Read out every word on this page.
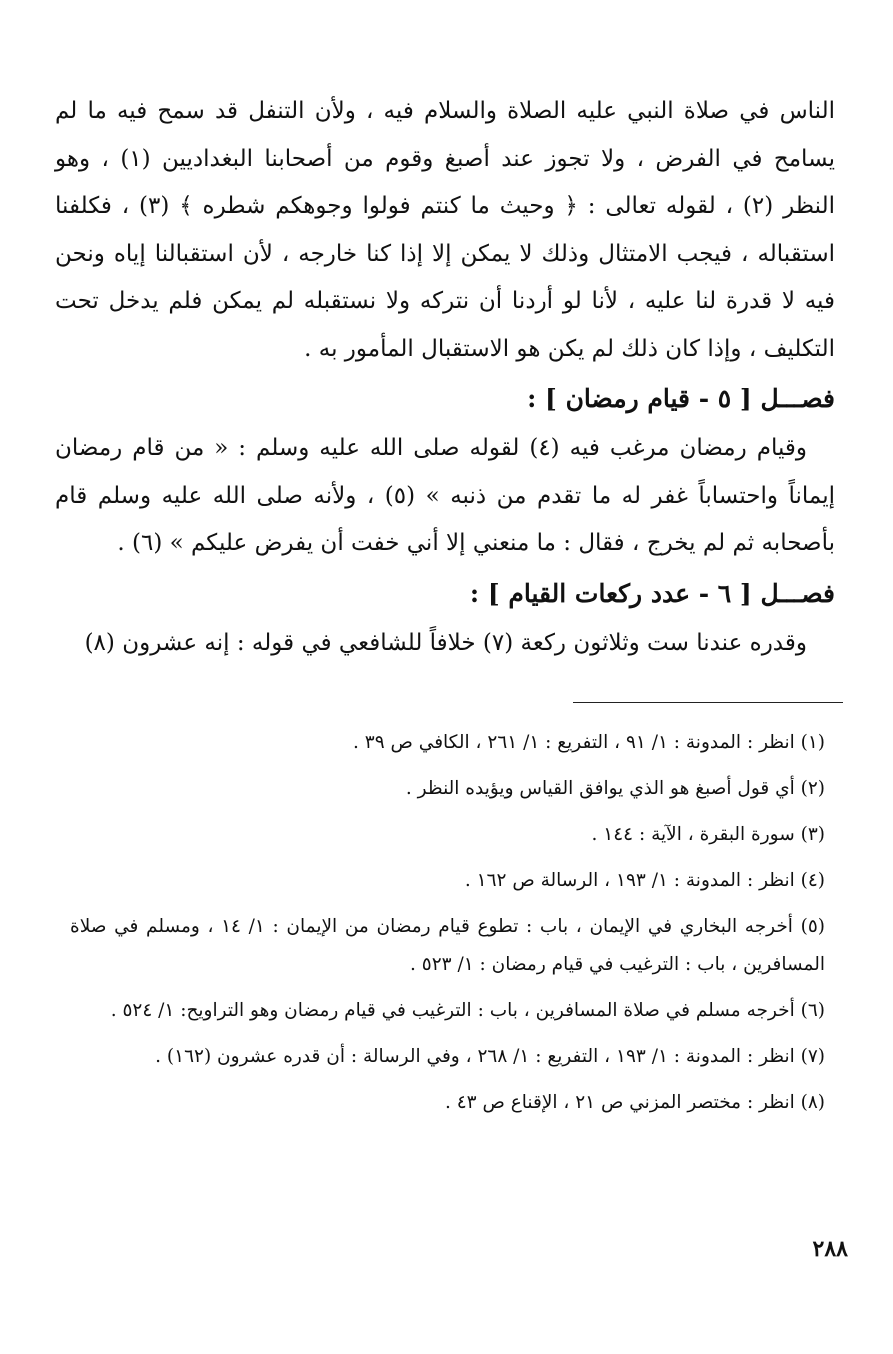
الناس في صلاة النبي عليه الصلاة والسلام فيه ، ولأن التنفل قد سمح فيه ما لم يسامح في الفرض ، ولا تجوز عند أصبغ وقوم من أصحابنا البغداديين (١) ، وهو النظر (٢) ، لقوله تعالى : ﴿ وحيث ما كنتم فولوا وجوهكم شطره ﴾ (٣) ، فكلفنا استقباله ، فيجب الامتثال وذلك لا يمكن إلا إذا كنا خارجه ، لأن استقبالنا إياه ونحن فيه لا قدرة لنا عليه ، لأنا لو أردنا أن نتركه ولا نستقبله لم يمكن فلم يدخل تحت التكليف ، وإذا كان ذلك لم يكن هو الاستقبال المأمور به .

فصـــل [ ٥ - قيام رمضان ] :

وقيام رمضان مرغب فيه (٤) لقوله صلى الله عليه وسلم : « من قام رمضان إيماناً واحتساباً غفر له ما تقدم من ذنبه » (٥) ، ولأنه صلى الله عليه وسلم قام بأصحابه ثم لم يخرج ، فقال : ما منعني إلا أني خفت أن يفرض عليكم » (٦) .

فصـــل [ ٦ - عدد ركعات القيام ] :

وقدره عندنا ست وثلاثون ركعة (٧) خلافاً للشافعي في قوله : إنه عشرون (٨)

(١) انظر : المدونة : ١/ ٩١ ، التفريع : ١/ ٢٦١ ، الكافي ص ٣٩ .

(٢) أي قول أصبغ هو الذي يوافق القياس ويؤيده النظر .

(٣) سورة البقرة ، الآية : ١٤٤ .

(٤) انظر : المدونة : ١/ ١٩٣ ، الرسالة ص ١٦٢ .

(٥) أخرجه البخاري في الإيمان ، باب : تطوع قيام رمضان من الإيمان : ١/ ١٤ ، ومسلم في صلاة المسافرين ، باب : الترغيب في قيام رمضان : ١/ ٥٢٣ .

(٦) أخرجه مسلم في صلاة المسافرين ، باب : الترغيب في قيام رمضان وهو التراويح: ١/ ٥٢٤ .

(٧) انظر : المدونة : ١/ ١٩٣ ، التفريع : ١/ ٢٦٨ ، وفي الرسالة : أن قدره عشرون (١٦٢) .

(٨) انظر : مختصر المزني ص ٢١ ، الإقناع ص ٤٣ .

٢٨٨
